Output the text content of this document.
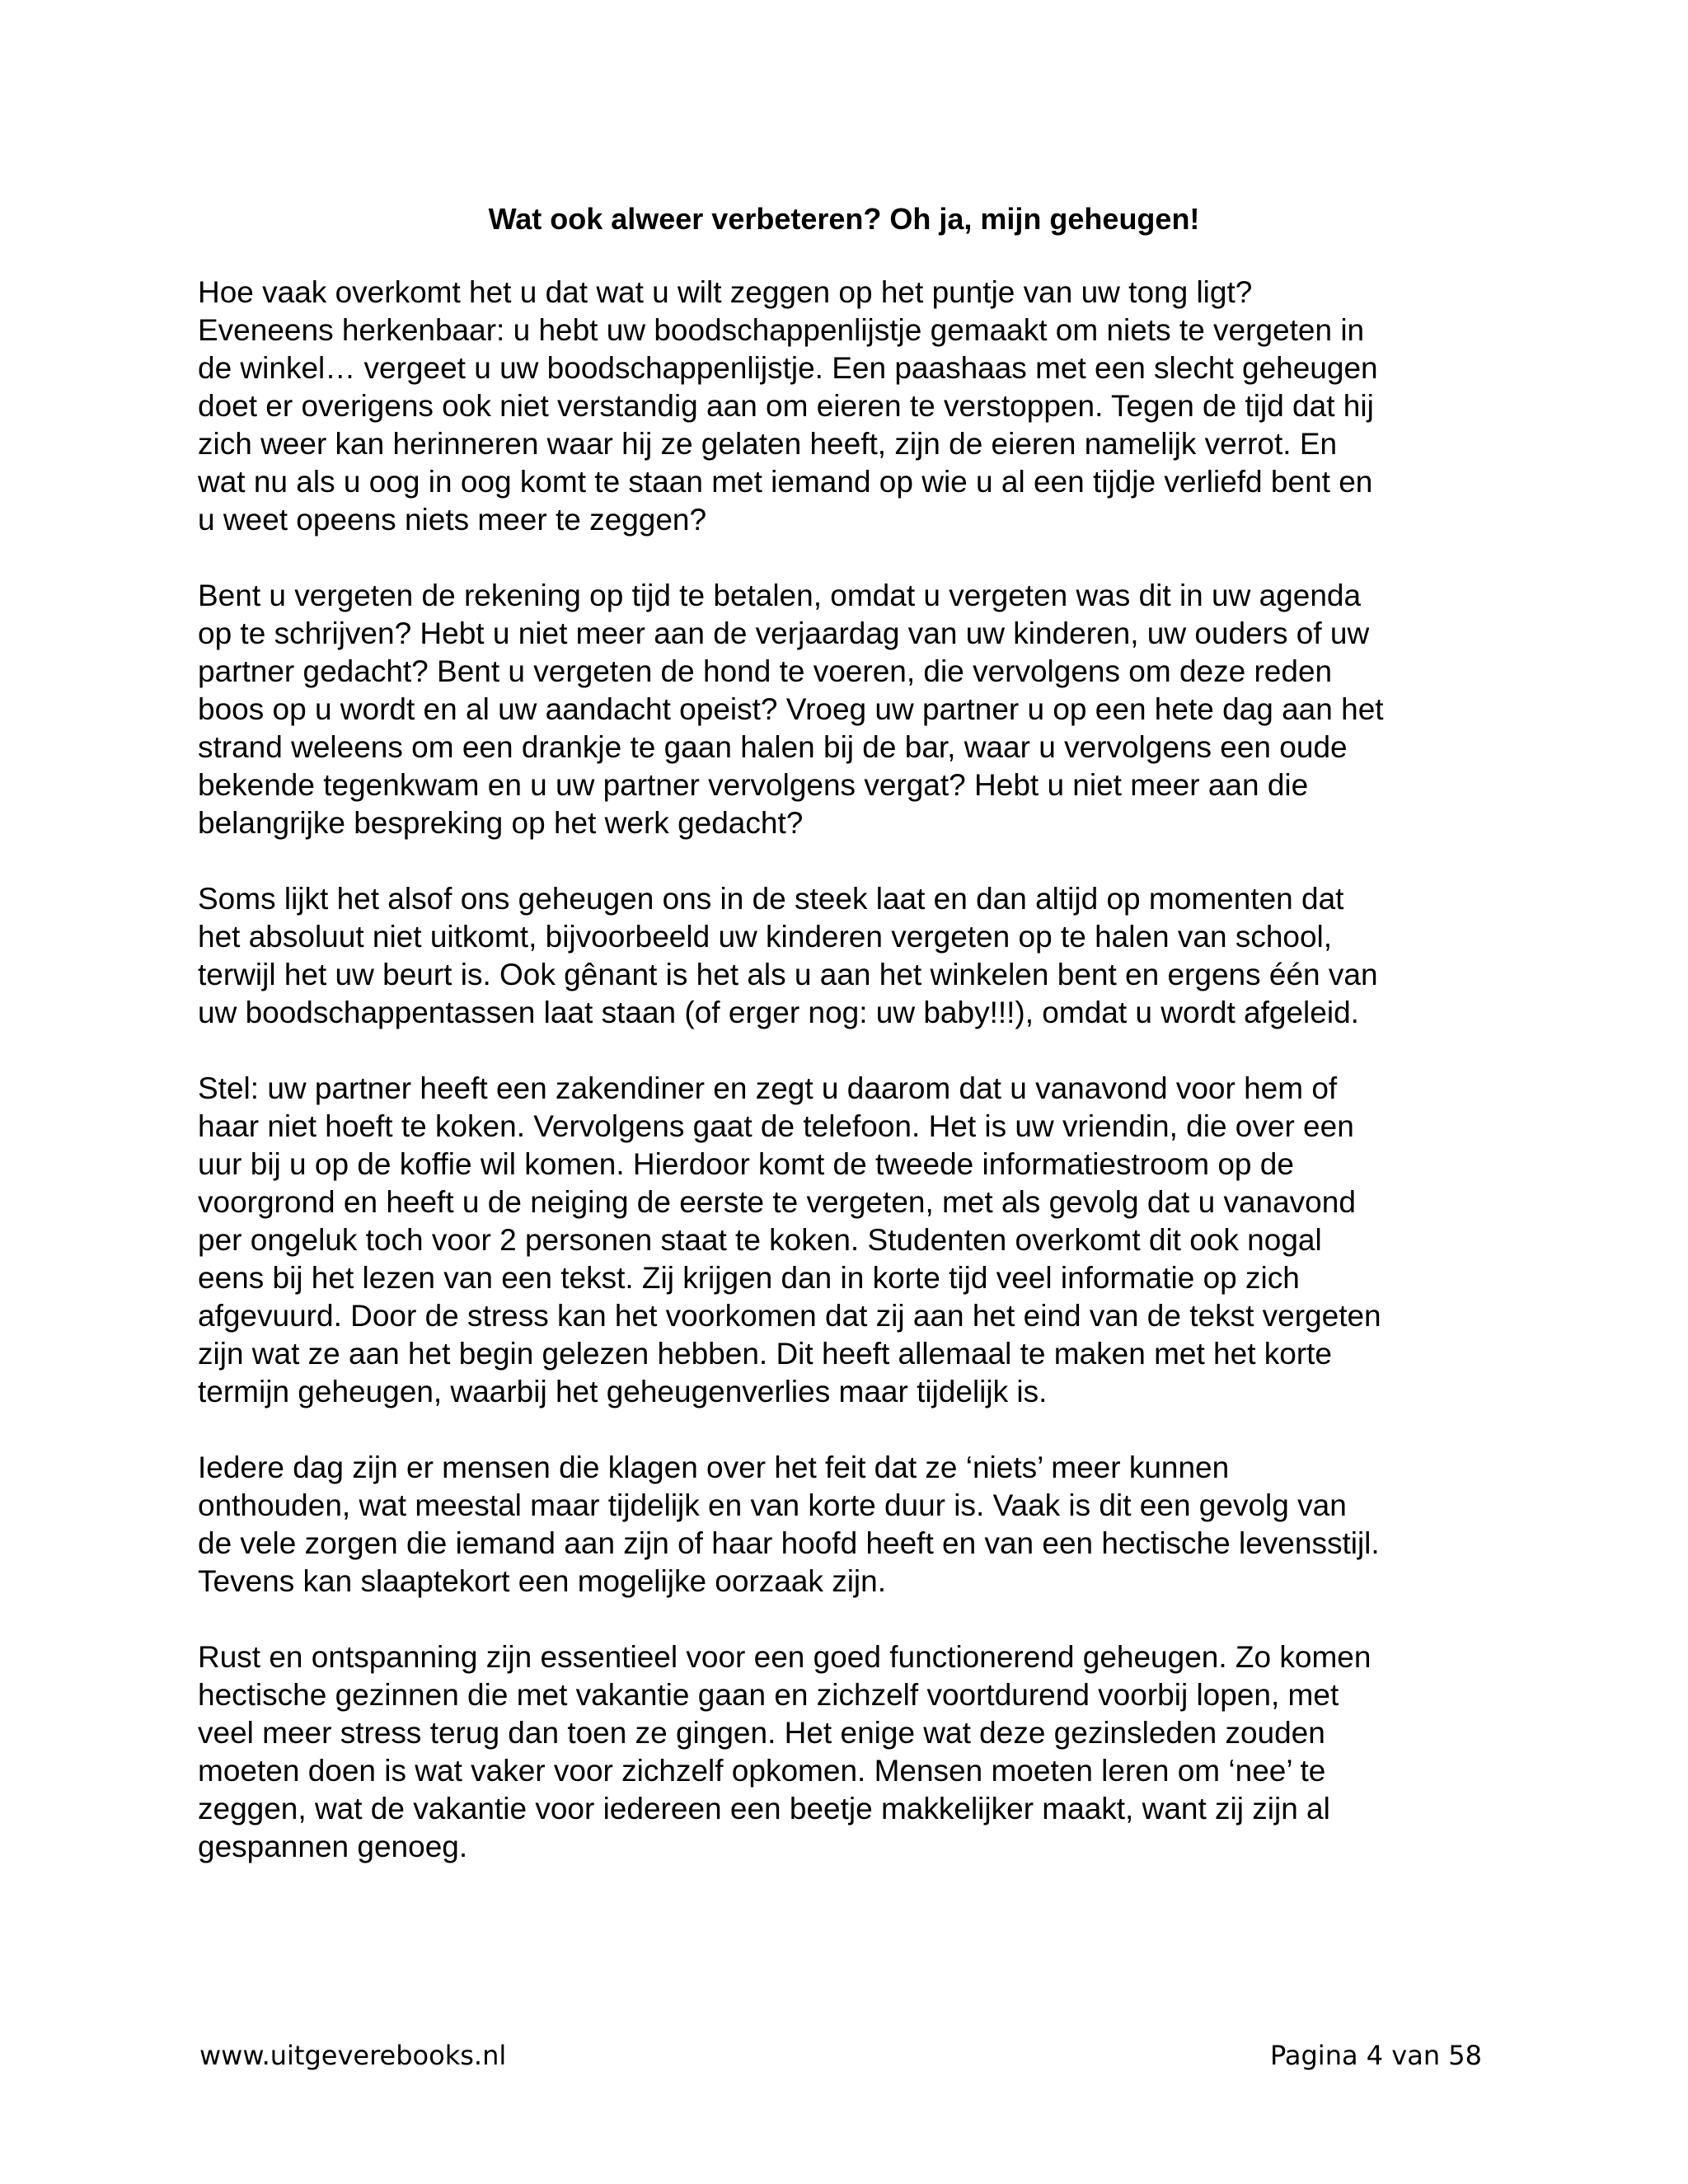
Wat ook alweer verbeteren? Oh ja, mijn geheugen!

Hoe vaak overkomt het u dat wat u wilt zeggen op het puntje van uw tong ligt?
Eveneens herkenbaar: u hebt uw boodschappenlijstje gemaakt om niets te vergeten in
de winkel… vergeet u uw boodschappenlijstje. Een paashaas met een slecht geheugen
doet er overigens ook niet verstandig aan om eieren te verstoppen. Tegen de tijd dat hij
zich weer kan herinneren waar hij ze gelaten heeft, zijn de eieren namelijk verrot. En
wat nu als u oog in oog komt te staan met iemand op wie u al een tijdje verliefd bent en
u weet opeens niets meer te zeggen?

Bent u vergeten de rekening op tijd te betalen, omdat u vergeten was dit in uw agenda
op te schrijven? Hebt u niet meer aan de verjaardag van uw kinderen, uw ouders of uw
partner gedacht? Bent u vergeten de hond te voeren, die vervolgens om deze reden
boos op u wordt en al uw aandacht opeist? Vroeg uw partner u op een hete dag aan het
strand weleens om een drankje te gaan halen bij de bar, waar u vervolgens een oude
bekende tegenkwam en u uw partner vervolgens vergat? Hebt u niet meer aan die
belangrijke bespreking op het werk gedacht?

Soms lijkt het alsof ons geheugen ons in de steek laat en dan altijd op momenten dat
het absoluut niet uitkomt, bijvoorbeeld uw kinderen vergeten op te halen van school,
terwijl het uw beurt is. Ook gênant is het als u aan het winkelen bent en ergens één van
uw boodschappentassen laat staan (of erger nog: uw baby!!!), omdat u wordt afgeleid.

Stel: uw partner heeft een zakendiner en zegt u daarom dat u vanavond voor hem of
haar niet hoeft te koken. Vervolgens gaat de telefoon. Het is uw vriendin, die over een
uur bij u op de koffie wil komen. Hierdoor komt de tweede informatiestroom op de
voorgrond en heeft u de neiging de eerste te vergeten, met als gevolg dat u vanavond
per ongeluk toch voor 2 personen staat te koken. Studenten overkomt dit ook nogal
eens bij het lezen van een tekst. Zij krijgen dan in korte tijd veel informatie op zich
afgevuurd. Door de stress kan het voorkomen dat zij aan het eind van de tekst vergeten
zijn wat ze aan het begin gelezen hebben. Dit heeft allemaal te maken met het korte
termijn geheugen, waarbij het geheugenverlies maar tijdelijk is.

Iedere dag zijn er mensen die klagen over het feit dat ze ‘niets’ meer kunnen
onthouden, wat meestal maar tijdelijk en van korte duur is. Vaak is dit een gevolg van
de vele zorgen die iemand aan zijn of haar hoofd heeft en van een hectische levensstijl.
Tevens kan slaaptekort een mogelijke oorzaak zijn.

Rust en ontspanning zijn essentieel voor een goed functionerend geheugen. Zo komen
hectische gezinnen die met vakantie gaan en zichzelf voortdurend voorbij lopen, met
veel meer stress terug dan toen ze gingen. Het enige wat deze gezinsleden zouden
moeten doen is wat vaker voor zichzelf opkomen. Mensen moeten leren om ‘nee’ te
zeggen, wat de vakantie voor iedereen een beetje makkelijker maakt, want zij zijn al
gespannen genoeg.

www.uitgeverebooks.nl	Pagina 4 van 58
